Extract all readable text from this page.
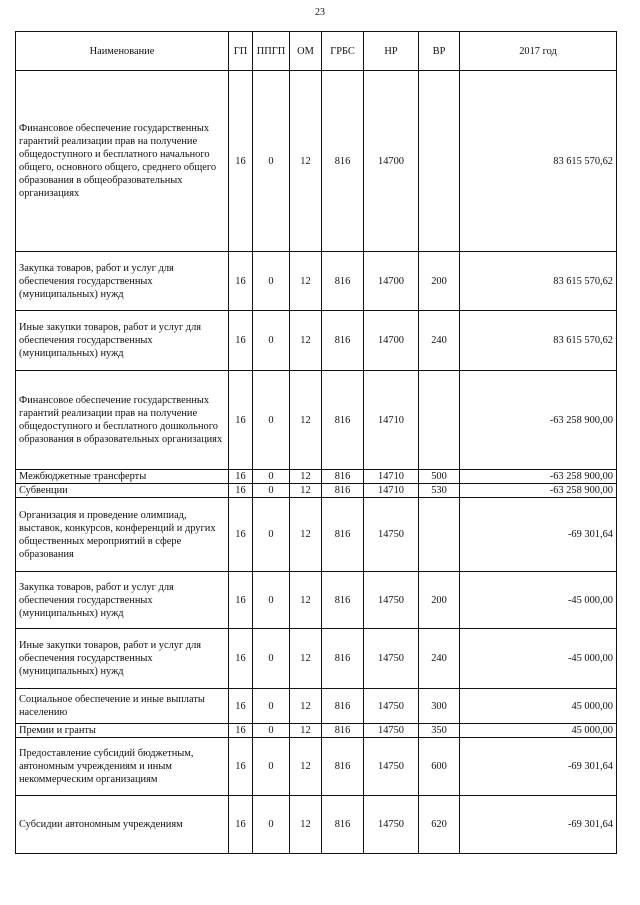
23
Наименование	ГП	ППГП	ОМ	ГРБС	НР	ВР	2017 год
Финансовое обеспечение государственных гарантий реализации прав на получение общедоступного и бесплатного начального общего, основного общего, среднего общего образования в общеобразовательных организациях	16	0	12	816	14700		83 615 570,62
Закупка товаров, работ и услуг для обеспечения государственных (муниципальных) нужд	16	0	12	816	14700	200	83 615 570,62
Иные закупки товаров, работ и услуг для обеспечения государственных (муниципальных) нужд	16	0	12	816	14700	240	83 615 570,62
Финансовое обеспечение государственных гарантий реализации прав на получение общедоступного и бесплатного дошкольного образования в образовательных организациях	16	0	12	816	14710		-63 258 900,00
Межбюджетные трансферты	16	0	12	816	14710	500	-63 258 900,00
Субвенции	16	0	12	816	14710	530	-63 258 900,00
Организация и проведение олимпиад, выставок, конкурсов, конференций и других общественных мероприятий в сфере образования	16	0	12	816	14750		-69 301,64
Закупка товаров, работ и услуг для обеспечения государственных (муниципальных) нужд	16	0	12	816	14750	200	-45 000,00
Иные закупки товаров, работ и услуг для обеспечения государственных (муниципальных) нужд	16	0	12	816	14750	240	-45 000,00
Социальное обеспечение и иные выплаты населению	16	0	12	816	14750	300	45 000,00
Премии и гранты	16	0	12	816	14750	350	45 000,00
Предоставление субсидий бюджетным, автономным учреждениям и иным некоммерческим организациям	16	0	12	816	14750	600	-69 301,64
Субсидии автономным учреждениям	16	0	12	816	14750	620	-69 301,64
